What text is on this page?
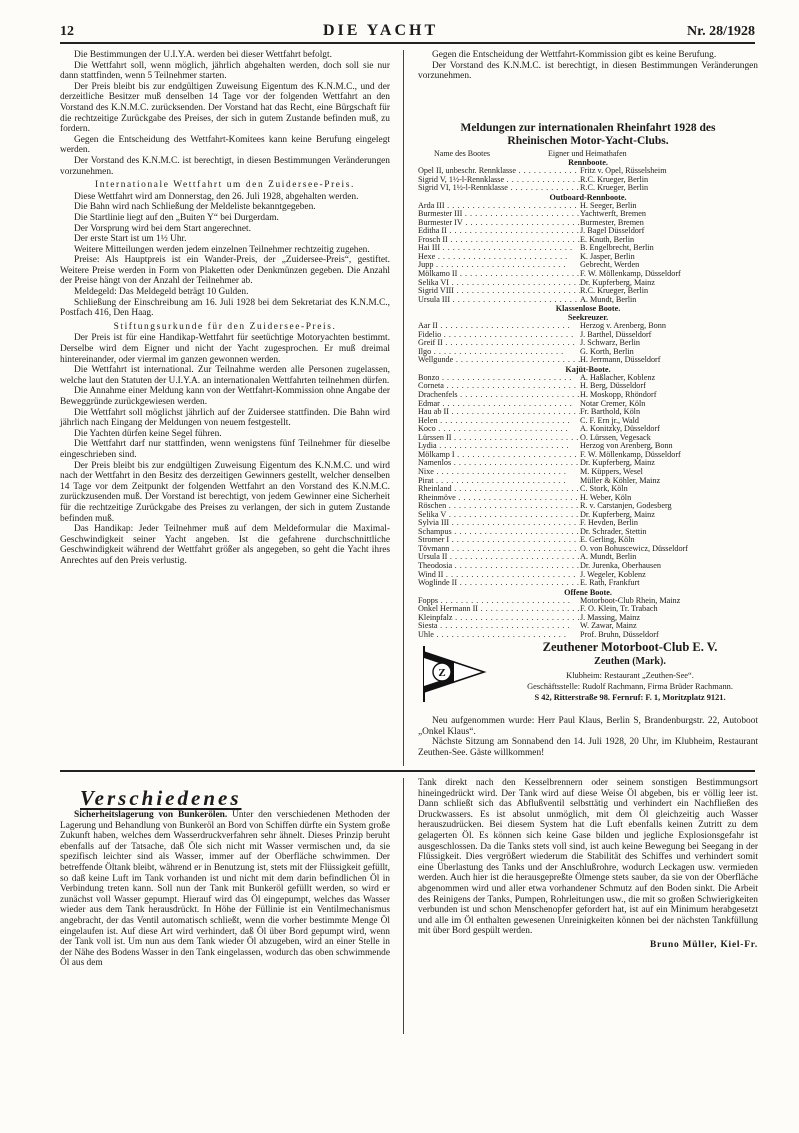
12	DIE YACHT	Nr. 28/1928

Die Bestimmungen der U.I.Y.A. werden bei dieser Wettfahrt befolgt.

Die Wettfahrt soll, wenn möglich, jährlich abgehalten werden, doch soll sie nur dann stattfinden, wenn 5 Teilnehmer starten.

Der Preis bleibt bis zur endgültigen Zuweisung Eigentum des K.N.M.C., und der derzeitliche Besitzer muß denselben 14 Tage vor der folgenden Wettfahrt an den Vorstand des K.N.M.C. zurücksenden. Der Vorstand hat das Recht, eine Bürgschaft für die rechtzeitige Zurückgabe des Preises, der sich in gutem Zustande befinden muß, zu fordern.

Gegen die Entscheidung des Wettfahrt-Komitees kann keine Berufung eingelegt werden.

Der Vorstand des K.N.M.C. ist berechtigt, in diesen Bestimmungen Veränderungen vorzunehmen.

Internationale Wettfahrt um den Zuidersee-Preis.

Diese Wettfahrt wird am Donnerstag, den 26. Juli 1928, abgehalten werden.

Die Bahn wird nach Schließung der Meldeliste bekanntgegeben.

Die Startlinie liegt auf den „Buiten Y“ bei Durgerdam.

Der Vorsprung wird bei dem Start angerechnet.

Der erste Start ist um 1½ Uhr.

Weitere Mitteilungen werden jedem einzelnen Teilnehmer rechtzeitig zugehen.

Preise: Als Hauptpreis ist ein Wander-Preis, der „Zuidersee-Preis“, gestiftet. Weitere Preise werden in Form von Plaketten oder Denkmünzen gegeben. Die Anzahl der Preise hängt von der Anzahl der Teilnehmer ab.

Meldegeld: Das Meldegeld beträgt 10 Gulden.

Schließung der Einschreibung am 16. Juli 1928 bei dem Sekretariat des K.N.M.C., Postfach 416, Den Haag.

Stiftungsurkunde für den Zuidersee-Preis.

Der Preis ist für eine Handikap-Wettfahrt für seetüchtige Motoryachten bestimmt. Derselbe wird dem Eigner und nicht der Yacht zugesprochen. Er muß dreimal hintereinander, oder viermal im ganzen gewonnen werden.

Die Wettfahrt ist international. Zur Teilnahme werden alle Personen zugelassen, welche laut den Statuten der U.I.Y.A. an internationalen Wettfahrten teilnehmen dürfen.

Die Annahme einer Meldung kann von der Wettfahrt-Kommission ohne Angabe der Beweggründe zurückgewiesen werden.

Die Wettfahrt soll möglichst jährlich auf der Zuidersee stattfinden. Die Bahn wird jährlich nach Eingang der Meldungen von neuem festgestellt.

Die Yachten dürfen keine Segel führen.

Die Wettfahrt darf nur stattfinden, wenn wenigstens fünf Teilnehmer für dieselbe eingeschrieben sind.

Der Preis bleibt bis zur endgültigen Zuweisung Eigentum des K.N.M.C. und wird nach der Wettfahrt in den Besitz des derzeitigen Gewinners gestellt, welcher denselben 14 Tage vor dem Zeitpunkt der folgenden Wettfahrt an den Vorstand des K.N.M.C. zurückzusenden muß. Der Vorstand ist berechtigt, von jedem Gewinner eine Sicherheit für die rechtzeitige Zurückgabe des Preises zu verlangen, der sich in gutem Zustande befinden muß.

Das Handikap: Jeder Teilnehmer muß auf dem Meldeformular die Maximal-Geschwindigkeit seiner Yacht angeben. Ist die gefahrene durchschnittliche Geschwindigkeit während der Wettfahrt größer als angegeben, so geht die Yacht ihres Anrechtes auf den Preis verlustig.

Gegen die Entscheidung der Wettfahrt-Kommission gibt es keine Berufung.

Der Vorstand des K.N.M.C. ist berechtigt, in diesen Bestimmungen Veränderungen vorzunehmen.

Meldungen zur internationalen Rheinfahrt 1928 des
Rheinischen Motor-Yacht-Clubs.
Name des Bootes	Eigner und Heimathafen
Rennboote.
Opel II, unbeschr. Rennklasse . . .	Fritz v. Opel, Rüsselsheim
Sigrid V, 1½-l-Rennklasse . . .	R.C. Krueger, Berlin
Sigrid VI, 1½-l-Rennklasse . . .	R.C. Krueger, Berlin
Outboard-Rennboote.
Arda III . . .	H. Seeger, Berlin
Burmester III . . .	Yachtwerft, Bremen
Burmester IV . . .	Burmester, Bremen
Editha II . . .	J. Bagel Düsseldorf
Frosch II . . .	E. Knuth, Berlin
Hai III . . .	B. Engelbrecht, Berlin
Hexe . . .	K. Jasper, Berlin
Jupp . . .	Gebrecht, Werden
Mölkamo II . . .	F. W. Möllenkamp, Düsseldorf
Selika VI . . .	Dr. Kupferberg, Mainz
Sigrid VIII . . .	R.C. Krueger, Berlin
Ursula III . . .	A. Mundt, Berlin
Klassenlose Boote.
Seekreuzer.
Aar II . . .	Herzog v. Arenberg, Bonn
Fidelio . . .	J. Barthel, Düsseldorf
Greif II . . .	J. Schwarz, Berlin
Ilgo . . .	G. Korth, Berlin
Wellgunde . . .	H. Jerrmann, Düsseldorf
Kajüt-Boote.
Bonzo . . .	A. Haßlacher, Koblenz
Corneta . . .	H. Berg, Düsseldorf
Drachenfels . . .	H. Moskopp, Rhöndorf
Edmar . . .	Notar Cremer, Köln
Hau ab II . . .	Fr. Barthold, Köln
Helen . . .	C. F. Ern jr., Wald
Koco . . .	A. Konitzky, Düsseldorf
Lürssen II . . .	O. Lürssen, Vegesack
Lydia . . .	Herzog von Arenberg, Bonn
Mölkamp I . . .	F. W. Möllenkamp, Düsseldorf
Namenlos . . .	Dr. Kupferberg, Mainz
Nixe . . .	M. Küppers, Wesel
Pirat . . .	Müller & Köhler, Mainz
Rheinland . . .	C. Stork, Köln
Rheinmöve . . .	H. Weber, Köln
Röschen . . .	R. v. Carstanjen, Godesberg
Selika V . . .	Dr. Kupferberg, Mainz
Sylvia III . . .	F. Hevden, Berlin
Schampus . . .	Dr. Schrader, Stettin
Stromer I . . .	E. Gerling, Köln
Tövmann . . .	O. von Bohuscewicz, Düsseldorf
Ursula II . . .	A. Mundt, Berlin
Theodosia . . .	Dr. Jurenka, Oberhausen
Wind II . . .	J. Wegeler, Koblenz
Woglinde II . . .	E. Rath, Frankfurt
Offene Boote.
Fopps . . .	Motorboot-Club Rhein, Mainz
Onkel Hermann II . . .	F. O. Klein, Tr. Trabach
Kleinpfalz . . .	J. Massing, Mainz
Siesta . . .	W. Zawar, Mainz
Uhle . . .	Prof. Bruhn, Düsseldorf
Z
Zeuthener Motorboot-Club E. V.
Zeuthen (Mark).
Klubheim: Restaurant „Zeuthen-See“.
Geschäftsstelle: Rudolf Rachmann, Firma Brüder Rachmann.
S 42, Ritterstraße 98. Fernruf: F. 1, Moritzplatz 9121.

Neu aufgenommen wurde: Herr Paul Klaus, Berlin S, Brandenburgstr. 22, Autoboot „Onkel Klaus“.

Nächste Sitzung am Sonnabend den 14. Juli 1928, 20 Uhr, im Klubheim, Restaurant Zeuthen-See. Gäste willkommen!

Verschiedenes

Sicherheitslagerung von Bunkerölen. Unter den verschiedenen Methoden der Lagerung und Behandlung von Bunkeröl an Bord von Schiffen dürfte ein System große Zukunft haben, welches dem Wasserdruckverfahren sehr ähnelt. Dieses Prinzip beruht ebenfalls auf der Tatsache, daß Öle sich nicht mit Wasser vermischen und, da sie spezifisch leichter sind als Wasser, immer auf der Oberfläche schwimmen. Der betreffende Öltank bleibt, während er in Benutzung ist, stets mit der Flüssigkeit gefüllt, so daß keine Luft im Tank vorhanden ist und nicht mit dem darin befindlichen Öl in Verbindung treten kann. Soll nun der Tank mit Bunkeröl gefüllt werden, so wird er zunächst voll Wasser gepumpt. Hierauf wird das Öl eingepumpt, welches das Wasser wieder aus dem Tank herausdrückt. In Höhe der Füllinie ist ein Ventilmechanismus angebracht, der das Ventil automatisch schließt, wenn die vorher bestimmte Menge Öl eingelaufen ist. Auf diese Art wird verhindert, daß Öl über Bord gepumpt wird, wenn der Tank voll ist. Um nun aus dem Tank wieder Öl abzugeben, wird an einer Stelle in der Nähe des Bodens Wasser in den Tank eingelassen, wodurch das oben schwimmende Öl aus dem

Tank direkt nach den Kesselbrennern oder seinem sonstigen Bestimmungsort hineingedrückt wird. Der Tank wird auf diese Weise Öl abgeben, bis er völlig leer ist. Dann schließt sich das Abflußventil selbsttätig und verhindert ein Nachfließen des Druckwassers. Es ist absolut unmöglich, mit dem Öl gleichzeitig auch Wasser herauszudrücken. Bei diesem System hat die Luft ebenfalls keinen Zutritt zu dem gelagerten Öl. Es können sich keine Gase bilden und jegliche Explosionsgefahr ist ausgeschlossen. Da die Tanks stets voll sind, ist auch keine Bewegung bei Seegang in der Flüssigkeit. Dies vergrößert wiederum die Stabilität des Schiffes und verhindert somit eine Überlastung des Tanks und der Anschlußrohre, wodurch Leckagen usw. vermieden werden. Auch hier ist die herausgepreßte Ölmenge stets sauber, da sie von der Oberfläche abgenommen wird und aller etwa vorhandener Schmutz auf den Boden sinkt. Die Arbeit des Reinigens der Tanks, Pumpen, Rohrleitungen usw., die mit so großen Schwierigkeiten verbunden ist und schon Menschenopfer gefordert hat, ist auf ein Minimum herabgesetzt und alle im Öl enthalten gewesenen Unreinigkeiten können bei der nächsten Tankfüllung mit über Bord gespült werden.

Bruno Müller, Kiel-Fr.
